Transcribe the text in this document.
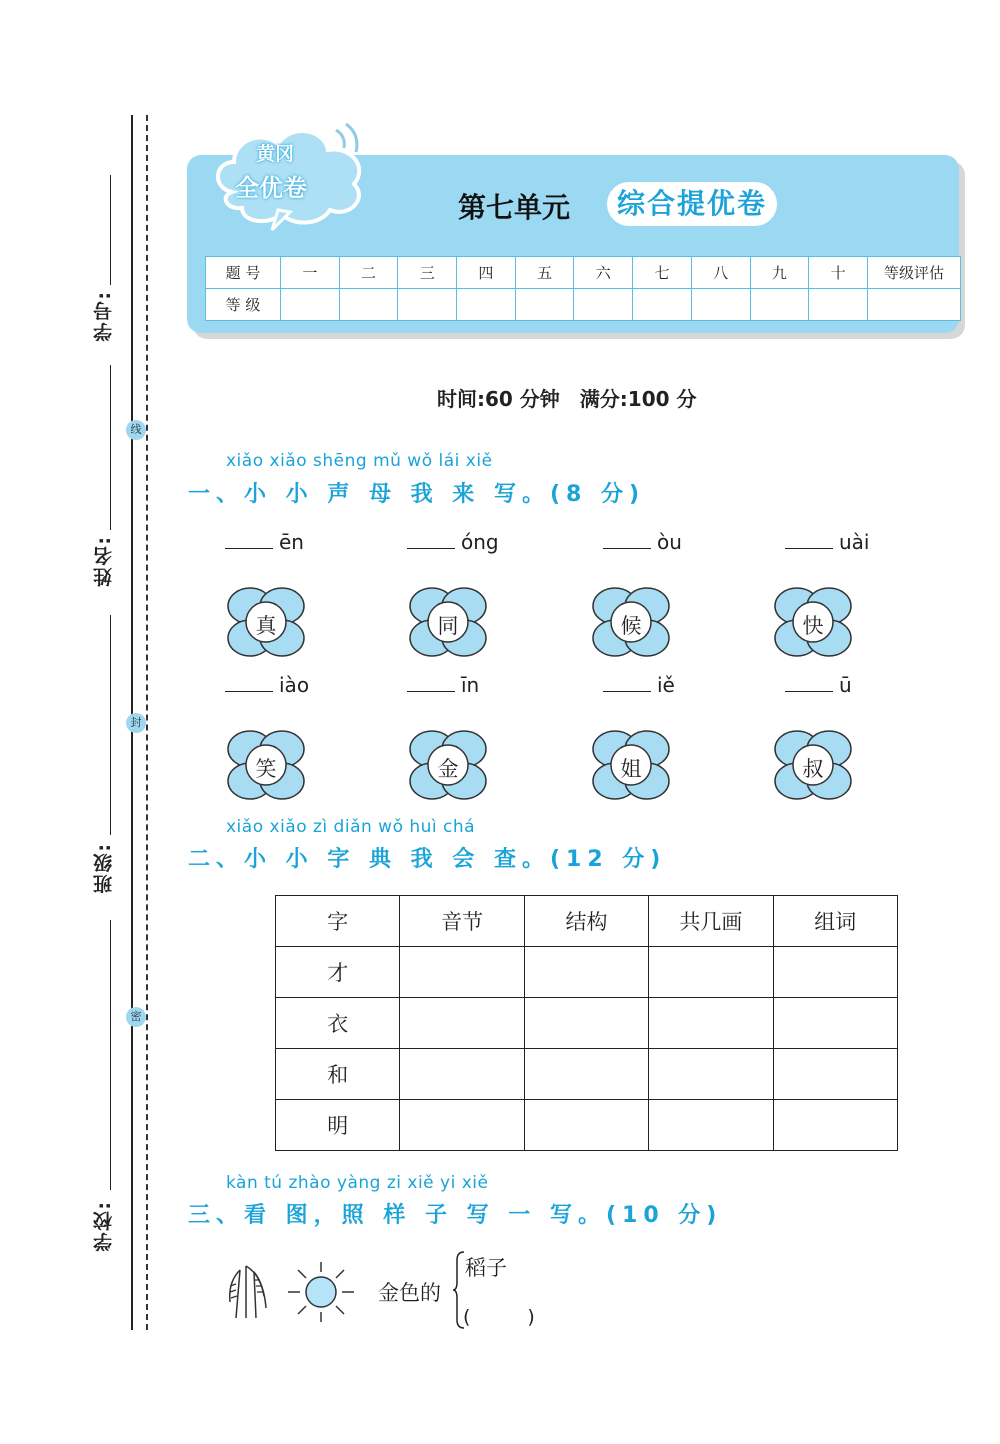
学号:
姓名:
班级:
学校:
线
封
密
黄冈
全优卷
第七单元	综合提优卷
题 号	一	二	三	四	五	六	七	八	九	十	等级评估
等 级											
时间:60 分钟　满分:100 分
xiǎo xiǎo shēng mǔ wǒ lái xiě
一、小 小 声 母 我 来 写。(8 分)
ēn	óng	òu	uài
iào	īn	iě	ū
真	同	候	快
笑	金	姐	叔
xiǎo xiǎo zì diǎn wǒ huì chá
二、小 小 字 典 我 会 查。(12 分)
字	音节	结构	共几画	组词
才				
衣				
和				
明				
kàn tú zhào yàng zi xiě yi xiě
三、看 图，照 样 子 写 一 写。(10 分)
金色的
稻子
(　　　)
